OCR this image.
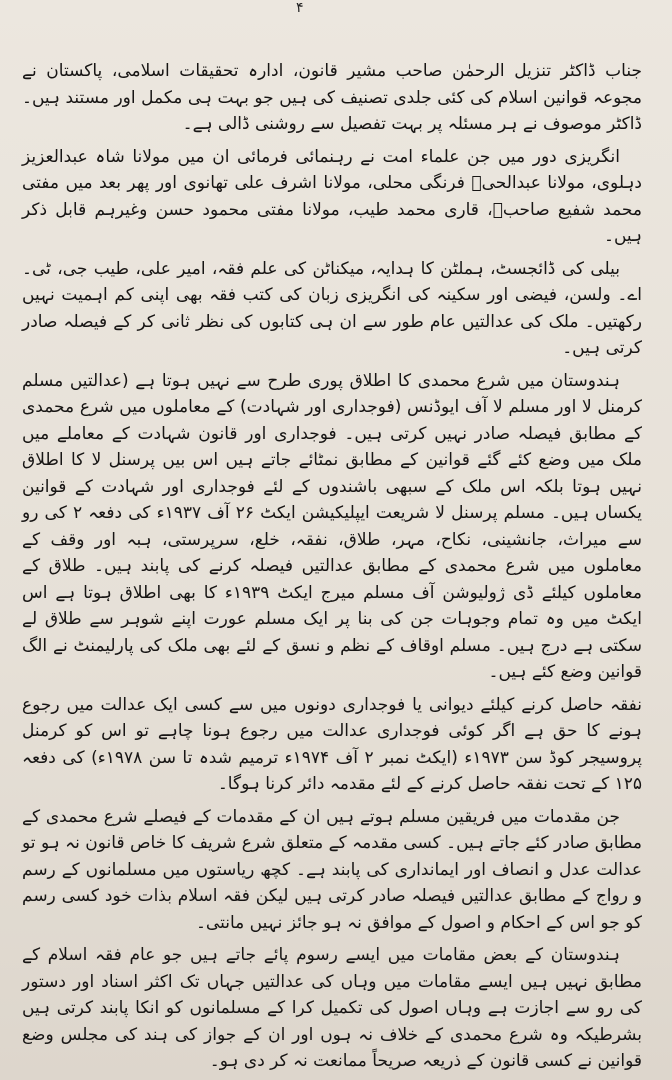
۴

جناب ڈاکٹر تنزیل الرحمٰن صاحب مشیر قانون، ادارہ تحقیقات اسلامی، پاکستان نے مجوعہ قوانین اسلام کی کئی جلدی تصنیف کی ہیں جو بہت ہی مکمل اور مستند ہیں۔ ڈاکٹر موصوف نے ہر مسئلہ پر بہت تفصیل سے روشنی ڈالی ہے۔

انگریزی دور میں جن علماء امت نے رہنمائی فرمائی ان میں مولانا شاہ عبدالعزیز دہلوی، مولانا عبدالحیؒ فرنگی محلی، مولانا اشرف علی تھانوی اور پھر بعد میں مفتی محمد شفیع صاحبؒ، قاری محمد طیب، مولانا مفتی محمود حسن وغیرہم قابل ذکر ہیں۔

بیلی کی ڈائجسٹ، ہملٹن کا ہدایہ، میکناٹن کی علم فقہ، امیر علی، طیب جی، ٹی۔ اے۔ ولسن، فیضی اور سکینہ کی انگریزی زبان کی کتب فقہ بھی اپنی کم اہمیت نہیں رکھتیں۔ ملک کی عدالتیں عام طور سے ان ہی کتابوں کی نظر ثانی کر کے فیصلہ صادر کرتی ہیں۔

ہندوستان میں شرع محمدی کا اطلاق پوری طرح سے نہیں ہوتا ہے (عدالتیں مسلم کرمنل لا اور مسلم لا آف ایوڈنس (فوجداری اور شہادت) کے معاملوں میں شرع محمدی کے مطابق فیصلہ صادر نہیں کرتی ہیں۔ فوجداری اور قانون شہادت کے معاملے میں ملک میں وضع کئے گئے قوانین کے مطابق نمٹائے جاتے ہیں اس بیں پرسنل لا کا اطلاق نہیں ہوتا بلکہ اس ملک کے سبھی باشندوں کے لئے فوجداری اور شہادت کے قوانین یکساں ہیں۔ مسلم پرسنل لا شریعت ایپلیکیشن ایکٹ ۲۶ آف ۱۹۳۷ء کی دفعہ ۲ کی رو سے میراث، جانشینی، نکاح، مہر، طلاق، نفقہ، خلع، سرپرستی، ہبہ اور وقف کے معاملوں میں شرع محمدی کے مطابق عدالتیں فیصلہ کرنے کی پابند ہیں۔ طلاق کے معاملوں کیلئے ڈی ژولیوشن آف مسلم میرج ایکٹ ۱۹۳۹ء کا بھی اطلاق ہوتا ہے اس ایکٹ میں وہ تمام وجوہات جن کی بنا پر ایک مسلم عورت اپنے شوہر سے طلاق لے سکتی ہے درج ہیں۔ مسلم اوقاف کے نظم و نسق کے لئے بھی ملک کی پارلیمنٹ نے الگ قوانین وضع کئے ہیں۔

نفقہ حاصل کرنے کیلئے دیوانی یا فوجداری دونوں میں سے کسی ایک عدالت میں رجوع ہونے کا حق ہے اگر کوئی فوجداری عدالت میں رجوع ہونا چاہے تو اس کو کرمنل پروسیجر کوڈ سن ۱۹۷۳ء (ایکٹ نمبر ۲ آف ۱۹۷۴ء ترمیم شدہ تا سن ۱۹۷۸ء) کی دفعہ ۱۲۵ کے تحت نفقہ حاصل کرنے کے لئے مقدمہ دائر کرنا ہوگا۔

جن مقدمات میں فریقین مسلم ہوتے ہیں ان کے مقدمات کے فیصلے شرع محمدی کے مطابق صادر کئے جاتے ہیں۔ کسی مقدمہ کے متعلق شرع شریف کا خاص قانون نہ ہو تو عدالت عدل و انصاف اور ایمانداری کی پابند ہے۔ کچھ ریاستوں میں مسلمانوں کے رسم و رواج کے مطابق عدالتیں فیصلہ صادر کرتی ہیں لیکن فقہ اسلام بذات خود کسی رسم کو جو اس کے احکام و اصول کے موافق نہ ہو جائز نہیں مانتی۔

ہندوستان کے بعض مقامات میں ایسے رسوم پائے جاتے ہیں جو عام فقہ اسلام کے مطابق نہیں ہیں ایسے مقامات میں وہاں کی عدالتیں جہاں تک اکثر اسناد اور دستور کی رو سے اجازت ہے وہاں اصول کی تکمیل کرا کے مسلمانوں کو انکا پابند کرتی ہیں بشرطیکہ وہ شرع محمدی کے خلاف نہ ہوں اور ان کے جواز کی ہند کی مجلس وضع قوانین نے کسی قانون کے ذریعہ صریحاً ممانعت نہ کر دی ہو۔
